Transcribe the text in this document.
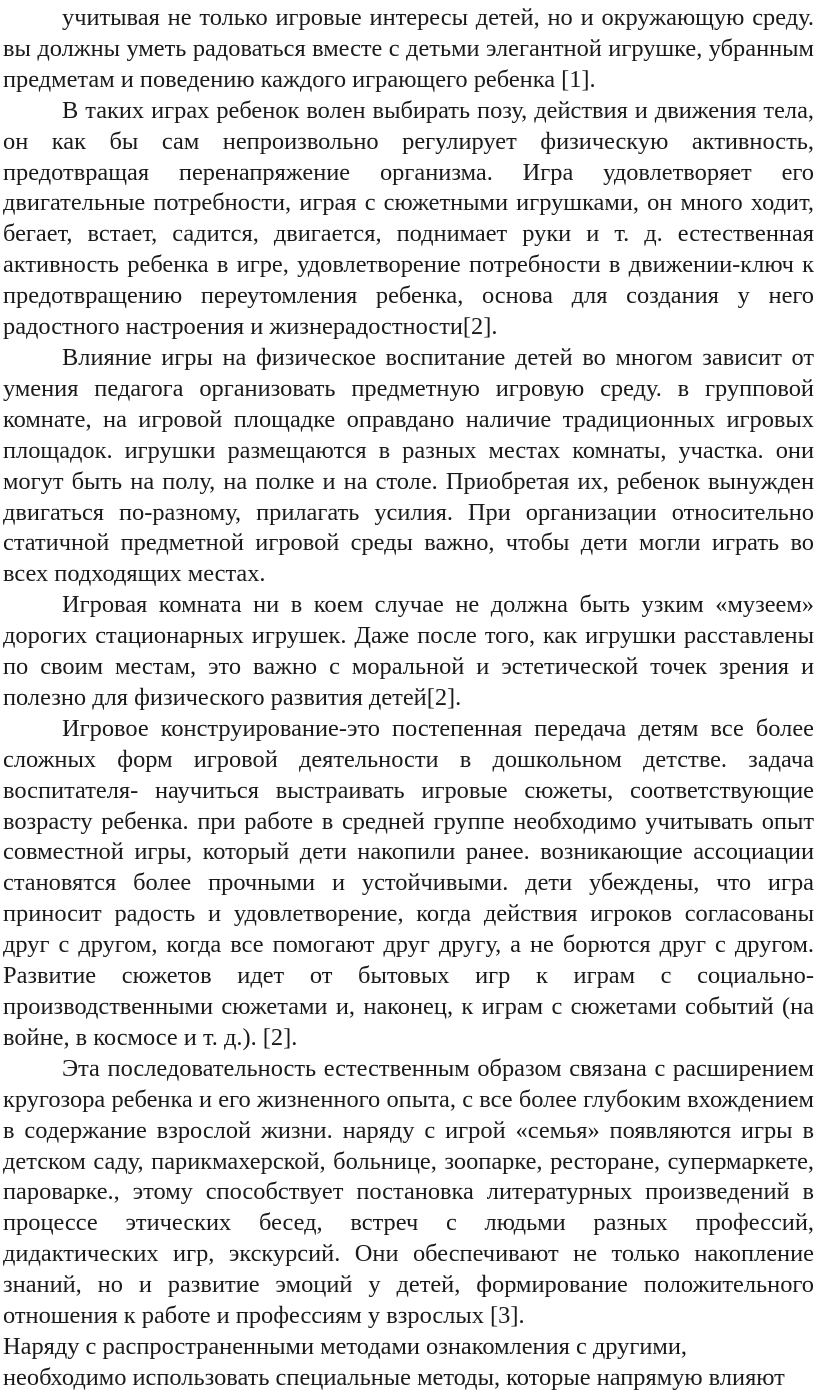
учитывая не только игровые интересы детей, но и окружающую среду. вы должны уметь радоваться вместе с детьми элегантной игрушке, убранным предметам и поведению каждого играющего ребенка [1].

В таких играх ребенок волен выбирать позу, действия и движения тела, он как бы сам непроизвольно регулирует физическую активность, предотвращая перенапряжение организма. Игра удовлетворяет его двигательные потребности, играя с сюжетными игрушками, он много ходит, бегает, встает, садится, двигается, поднимает руки и т. д. естественная активность ребенка в игре, удовлетворение потребности в движении-ключ к предотвращению переутомления ребенка, основа для создания у него радостного настроения и жизнерадостности[2].

Влияние игры на физическое воспитание детей во многом зависит от умения педагога организовать предметную игровую среду. в групповой комнате, на игровой площадке оправдано наличие традиционных игровых площадок. игрушки размещаются в разных местах комнаты, участка. они могут быть на полу, на полке и на столе. Приобретая их, ребенок вынужден двигаться по-разному, прилагать усилия. При организации относительно статичной предметной игровой среды важно, чтобы дети могли играть во всех подходящих местах.

Игровая комната ни в коем случае не должна быть узким «музеем» дорогих стационарных игрушек. Даже после того, как игрушки расставлены по своим местам, это важно с моральной и эстетической точек зрения и полезно для физического развития детей[2].

Игровое конструирование-это постепенная передача детям все более сложных форм игровой деятельности в дошкольном детстве. задача воспитателя- научиться выстраивать игровые сюжеты, соответствующие возрасту ребенка. при работе в средней группе необходимо учитывать опыт совместной игры, который дети накопили ранее. возникающие ассоциации становятся более прочными и устойчивыми. дети убеждены, что игра приносит радость и удовлетворение, когда действия игроков согласованы друг с другом, когда все помогают друг другу, а не борются друг с другом. Развитие сюжетов идет от бытовых игр к играм с социально-производственными сюжетами и, наконец, к играм с сюжетами событий (на войне, в космосе и т. д.). [2].

Эта последовательность естественным образом связана с расширением кругозора ребенка и его жизненного опыта, с все более глубоким вхождением в содержание взрослой жизни. наряду с игрой «семья» появляются игры в детском саду, парикмахерской, больнице, зоопарке, ресторане, супермаркете, пароварке., этому способствует постановка литературных произведений в процессе этических бесед, встреч с людьми разных профессий, дидактических игр, экскурсий. Они обеспечивают не только накопление знаний, но и развитие эмоций у детей, формирование положительного отношения к работе и профессиям у взрослых [3].

Наряду с распространенными методами ознакомления с другими, необходимо использовать специальные методы, которые напрямую влияют
